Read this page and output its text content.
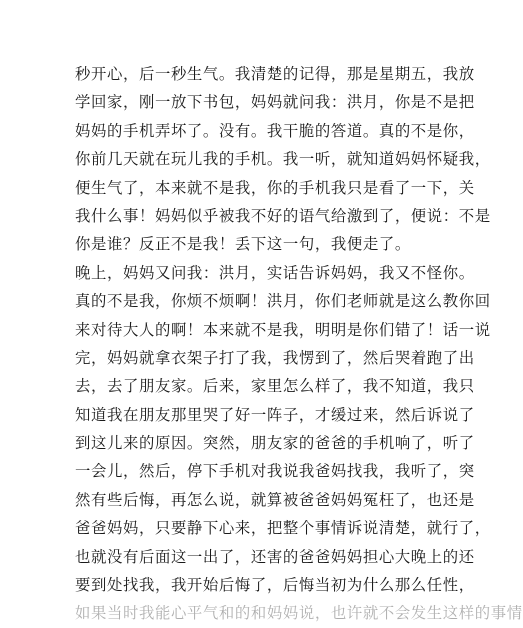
秒开心，后一秒生气。我清楚的记得，那是星期五，我放
学回家，刚一放下书包，妈妈就问我：洪月，你是不是把
妈妈的手机弄坏了。没有。我干脆的答道。真的不是你，
你前几天就在玩儿我的手机。我一听，就知道妈妈怀疑我，
便生气了，本来就不是我，你的手机我只是看了一下，关
我什么事！妈妈似乎被我不好的语气给激到了，便说：不是
你是谁？反正不是我！丢下这一句，我便走了。
晚上，妈妈又问我：洪月，实话告诉妈妈，我又不怪你。
真的不是我，你烦不烦啊！洪月，你们老师就是这么教你回
来对待大人的啊！本来就不是我，明明是你们错了！话一说
完，妈妈就拿衣架子打了我，我愣到了，然后哭着跑了出
去，去了朋友家。后来，家里怎么样了，我不知道，我只
知道我在朋友那里哭了好一阵子，才缓过来，然后诉说了
到这儿来的原因。突然，朋友家的爸爸的手机响了，听了
一会儿，然后，停下手机对我说我爸妈找我，我听了，突
然有些后悔，再怎么说，就算被爸爸妈妈冤枉了，也还是
爸爸妈妈，只要静下心来，把整个事情诉说清楚，就行了，
也就没有后面这一出了，还害的爸爸妈妈担心大晚上的还
要到处找我，我开始后悔了，后悔当初为什么那么任性，
如果当时我能心平气和的和妈妈说，也许就不会发生这样的事情
